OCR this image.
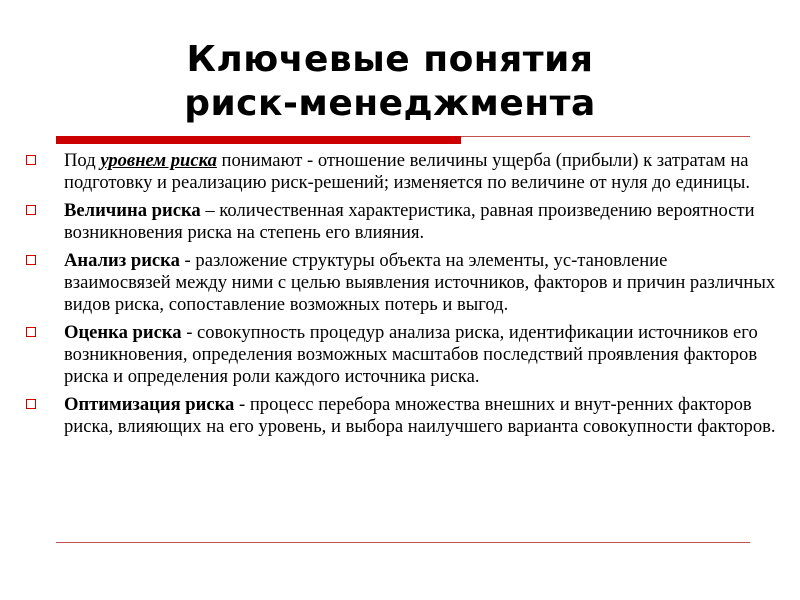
Ключевые понятия
риск-менеджмента
Под уровнем риска понимают - отношение величины ущерба (прибыли) к затратам на подготовку и реализацию риск-решений; изменяется по величине от нуля до единицы.
Величина риска – количественная характеристика, равная произведению вероятности возникновения риска на степень его влияния.
Анализ риска - разложение структуры объекта на элементы, ус-тановление взаимосвязей между ними с целью выявления источников, факторов и причин различных видов риска, сопоставление возможных потерь и выгод.
Оценка риска - совокупность процедур анализа риска, идентификации источников его возникновения, определения возможных масштабов последствий проявления факторов риска и определения роли каждого источника риска.
Оптимизация риска - процесс перебора множества внешних и внут-ренних факторов риска, влияющих на его уровень, и выбора наилучшего варианта совокупности факторов.
